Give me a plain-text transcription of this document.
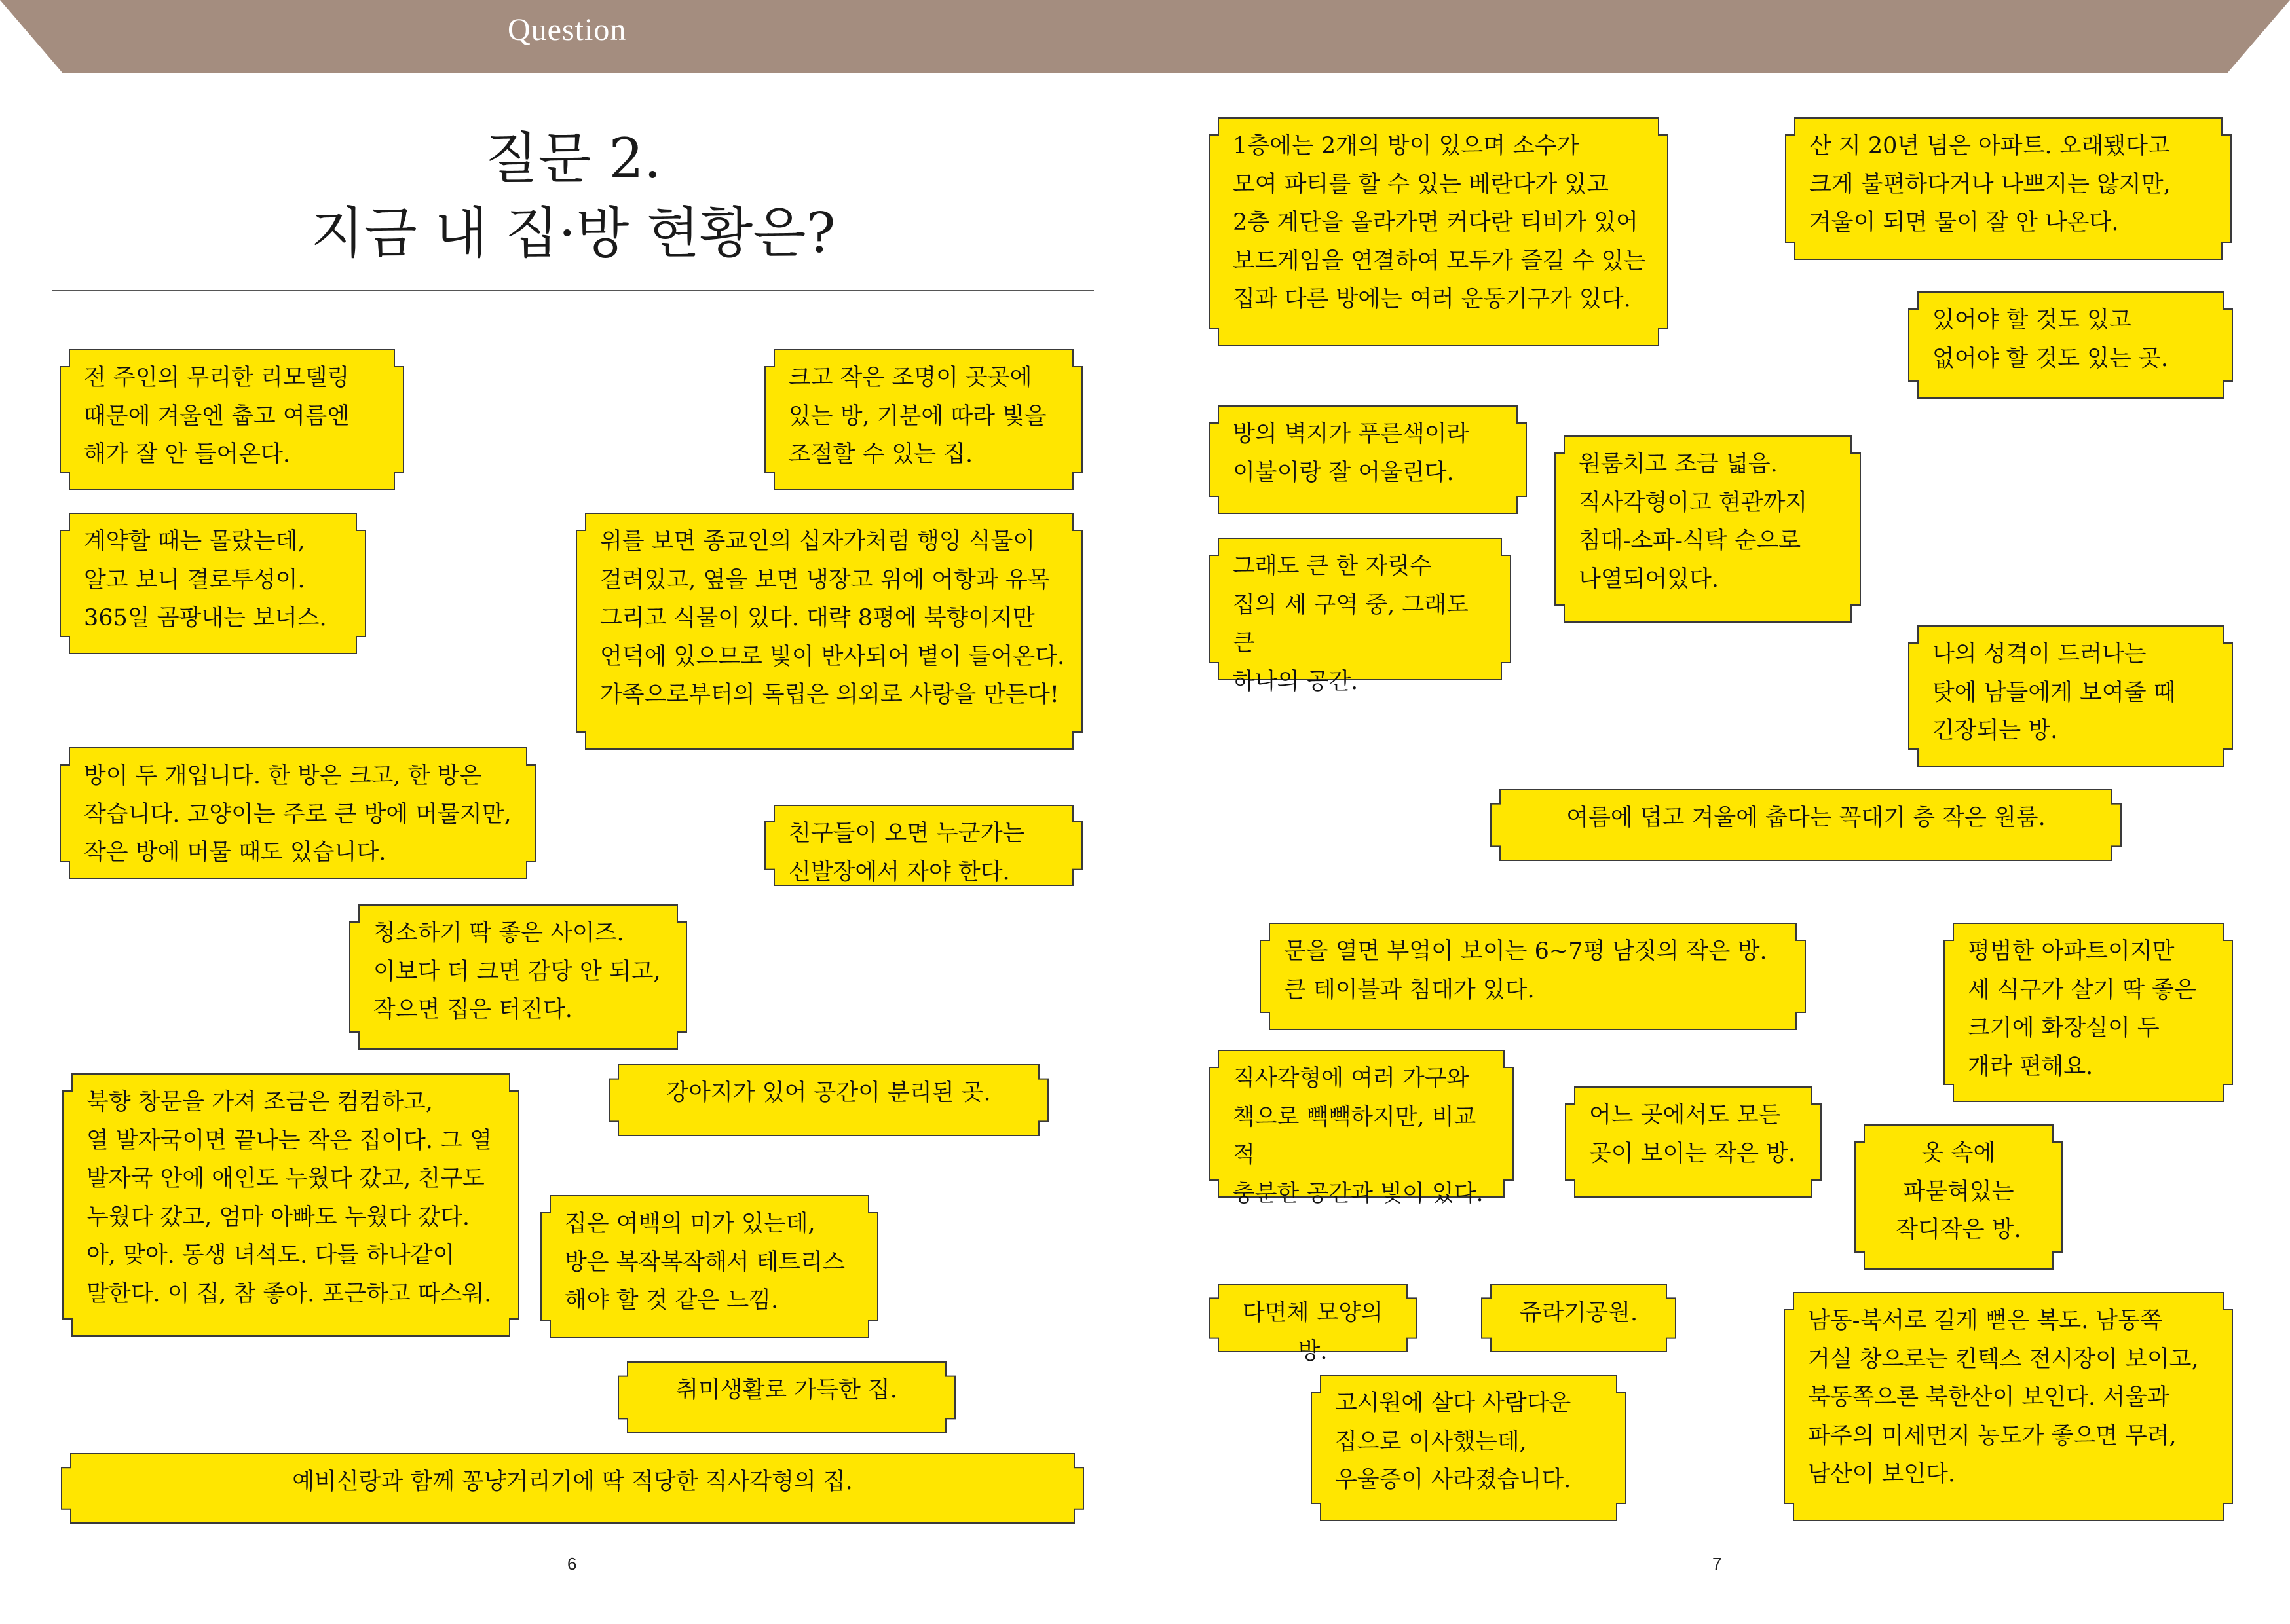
Question
질문 2.
지금 내 집·방 현황은?
전 주인의 무리한 리모델링
때문에 겨울엔 춥고 여름엔
해가 잘 안 들어온다.
크고 작은 조명이 곳곳에
있는 방, 기분에 따라 빛을
조절할 수 있는 집.
계약할 때는 몰랐는데,
알고 보니 결로투성이.
365일 곰팡내는 보너스.
위를 보면 종교인의 십자가처럼 행잉 식물이
걸려있고, 옆을 보면 냉장고 위에 어항과 유목
그리고 식물이 있다. 대략 8평에 북향이지만
언덕에 있으므로 빛이 반사되어 볕이 들어온다.
가족으로부터의 독립은 의외로 사랑을 만든다!
방이 두 개입니다. 한 방은 크고, 한 방은
작습니다. 고양이는 주로 큰 방에 머물지만,
작은 방에 머물 때도 있습니다.
친구들이 오면 누군가는
신발장에서 자야 한다.
청소하기 딱 좋은 사이즈.
이보다 더 크면 감당 안 되고,
작으면 집은 터진다.
북향 창문을 가져 조금은 컴컴하고,
열 발자국이면 끝나는 작은 집이다. 그 열
발자국 안에 애인도 누웠다 갔고, 친구도
누웠다 갔고, 엄마 아빠도 누웠다 갔다.
아, 맞아. 동생 녀석도. 다들 하나같이
말한다. 이 집, 참 좋아. 포근하고 따스워.
강아지가 있어 공간이 분리된 곳.
집은 여백의 미가 있는데,
방은 복작복작해서 테트리스
해야 할 것 같은 느낌.
취미생활로 가득한 집.
예비신랑과 함께 꽁냥거리기에 딱 적당한 직사각형의 집.
1층에는 2개의 방이 있으며 소수가
모여 파티를 할 수 있는 베란다가 있고
2층 계단을 올라가면 커다란 티비가 있어
보드게임을 연결하여 모두가 즐길 수 있는
집과 다른 방에는 여러 운동기구가 있다.
산 지 20년 넘은 아파트. 오래됐다고
크게 불편하다거나 나쁘지는 않지만,
겨울이 되면 물이 잘 안 나온다.
있어야 할 것도 있고
없어야 할 것도 있는 곳.
방의 벽지가 푸른색이라
이불이랑 잘 어울린다.	원룸치고 조금 넓음.
직사각형이고 현관까지
침대-소파-식탁 순으로
나열되어있다.
그래도 큰 한 자릿수
집의 세 구역 중, 그래도 큰
하나의 공간.
나의 성격이 드러나는
탓에 남들에게 보여줄 때
긴장되는 방.
여름에 덥고 겨울에 춥다는 꼭대기 층 작은 원룸.
문을 열면 부엌이 보이는 6~7평 남짓의 작은 방.
큰 테이블과 침대가 있다.
평범한 아파트이지만
세 식구가 살기 딱 좋은
크기에 화장실이 두
개라 편해요.
직사각형에 여러 가구와
책으로 빽빽하지만, 비교적
충분한 공간과 빛이 있다.
어느 곳에서도 모든
곳이 보이는 작은 방.	옷 속에
파묻혀있는
작디작은 방.
다면체 모양의 방.
쥬라기공원.
고시원에 살다 사람다운
집으로 이사했는데,
우울증이 사라졌습니다.
남동-북서로 길게 뻗은 복도. 남동쪽
거실 창으로는 킨텍스 전시장이 보이고,
북동쪽으론 북한산이 보인다. 서울과
파주의 미세먼지 농도가 좋으면 무려,
남산이 보인다.
6	7
